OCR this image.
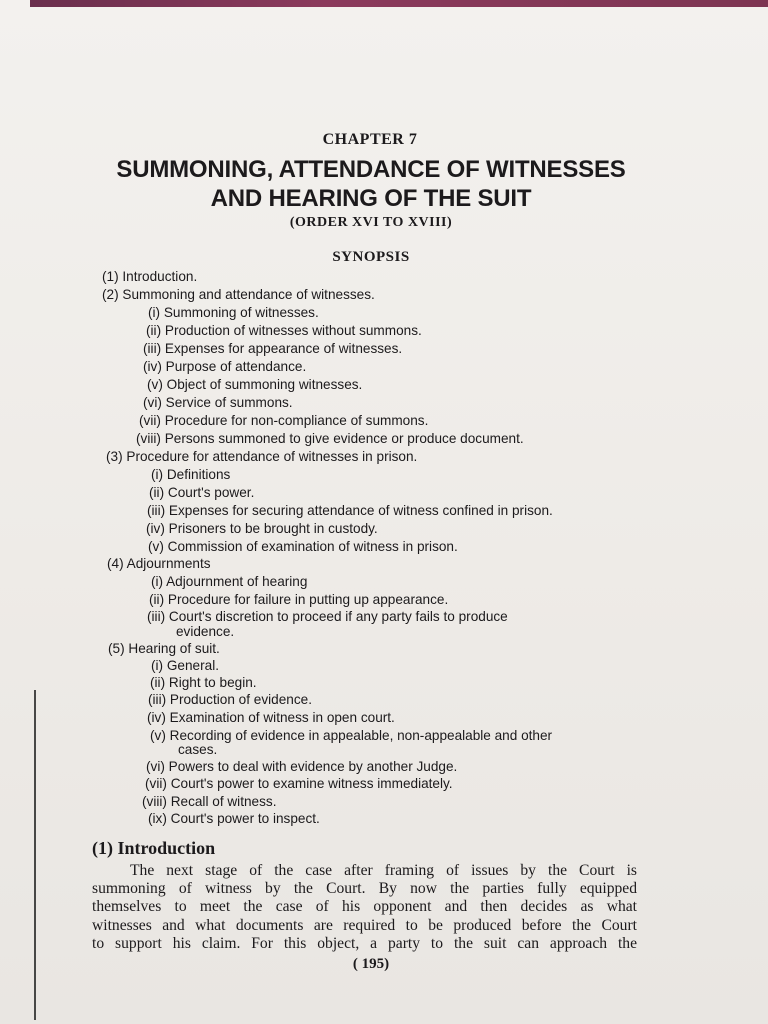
CHAPTER 7
SUMMONING, ATTENDANCE OF WITNESSES
AND HEARING OF THE SUIT
(ORDER XVI TO XVIII)
SYNOPSIS
(1) Introduction.
(2) Summoning and attendance of witnesses.
(i) Summoning of witnesses.
(ii) Production of witnesses without summons.
(iii) Expenses for appearance of witnesses.
(iv) Purpose of attendance.
(v) Object of summoning witnesses.
(vi) Service of summons.
(vii) Procedure for non-compliance of summons.
(viii) Persons summoned to give evidence or produce document.
(3) Procedure for attendance of witnesses in prison.
(i) Definitions
(ii) Court's power.
(iii) Expenses for securing attendance of witness confined in prison.
(iv) Prisoners to be brought in custody.
(v) Commission of examination of witness in prison.
(4) Adjournments
(i) Adjournment of hearing
(ii) Procedure for failure in putting up appearance.
(iii) Court's discretion to proceed if any party fails to produce
evidence.
(5) Hearing of suit.
(i) General.
(ii) Right to begin.
(iii) Production of evidence.
(iv) Examination of witness in open court.
(v) Recording of evidence in appealable, non-appealable and other
cases.
(vi) Powers to deal with evidence by another Judge.
(vii) Court's power to examine witness immediately.
(viii) Recall of witness.
(ix) Court's power to inspect.
(1) Introduction
The next stage of the case after framing of issues by the Court is
summoning of witness by the Court. By now the parties fully equipped
themselves to meet the case of his opponent and then decides as what
witnesses and what documents are required to be produced before the Court
to support his claim. For this object, a party to the suit can approach the
( 195)
